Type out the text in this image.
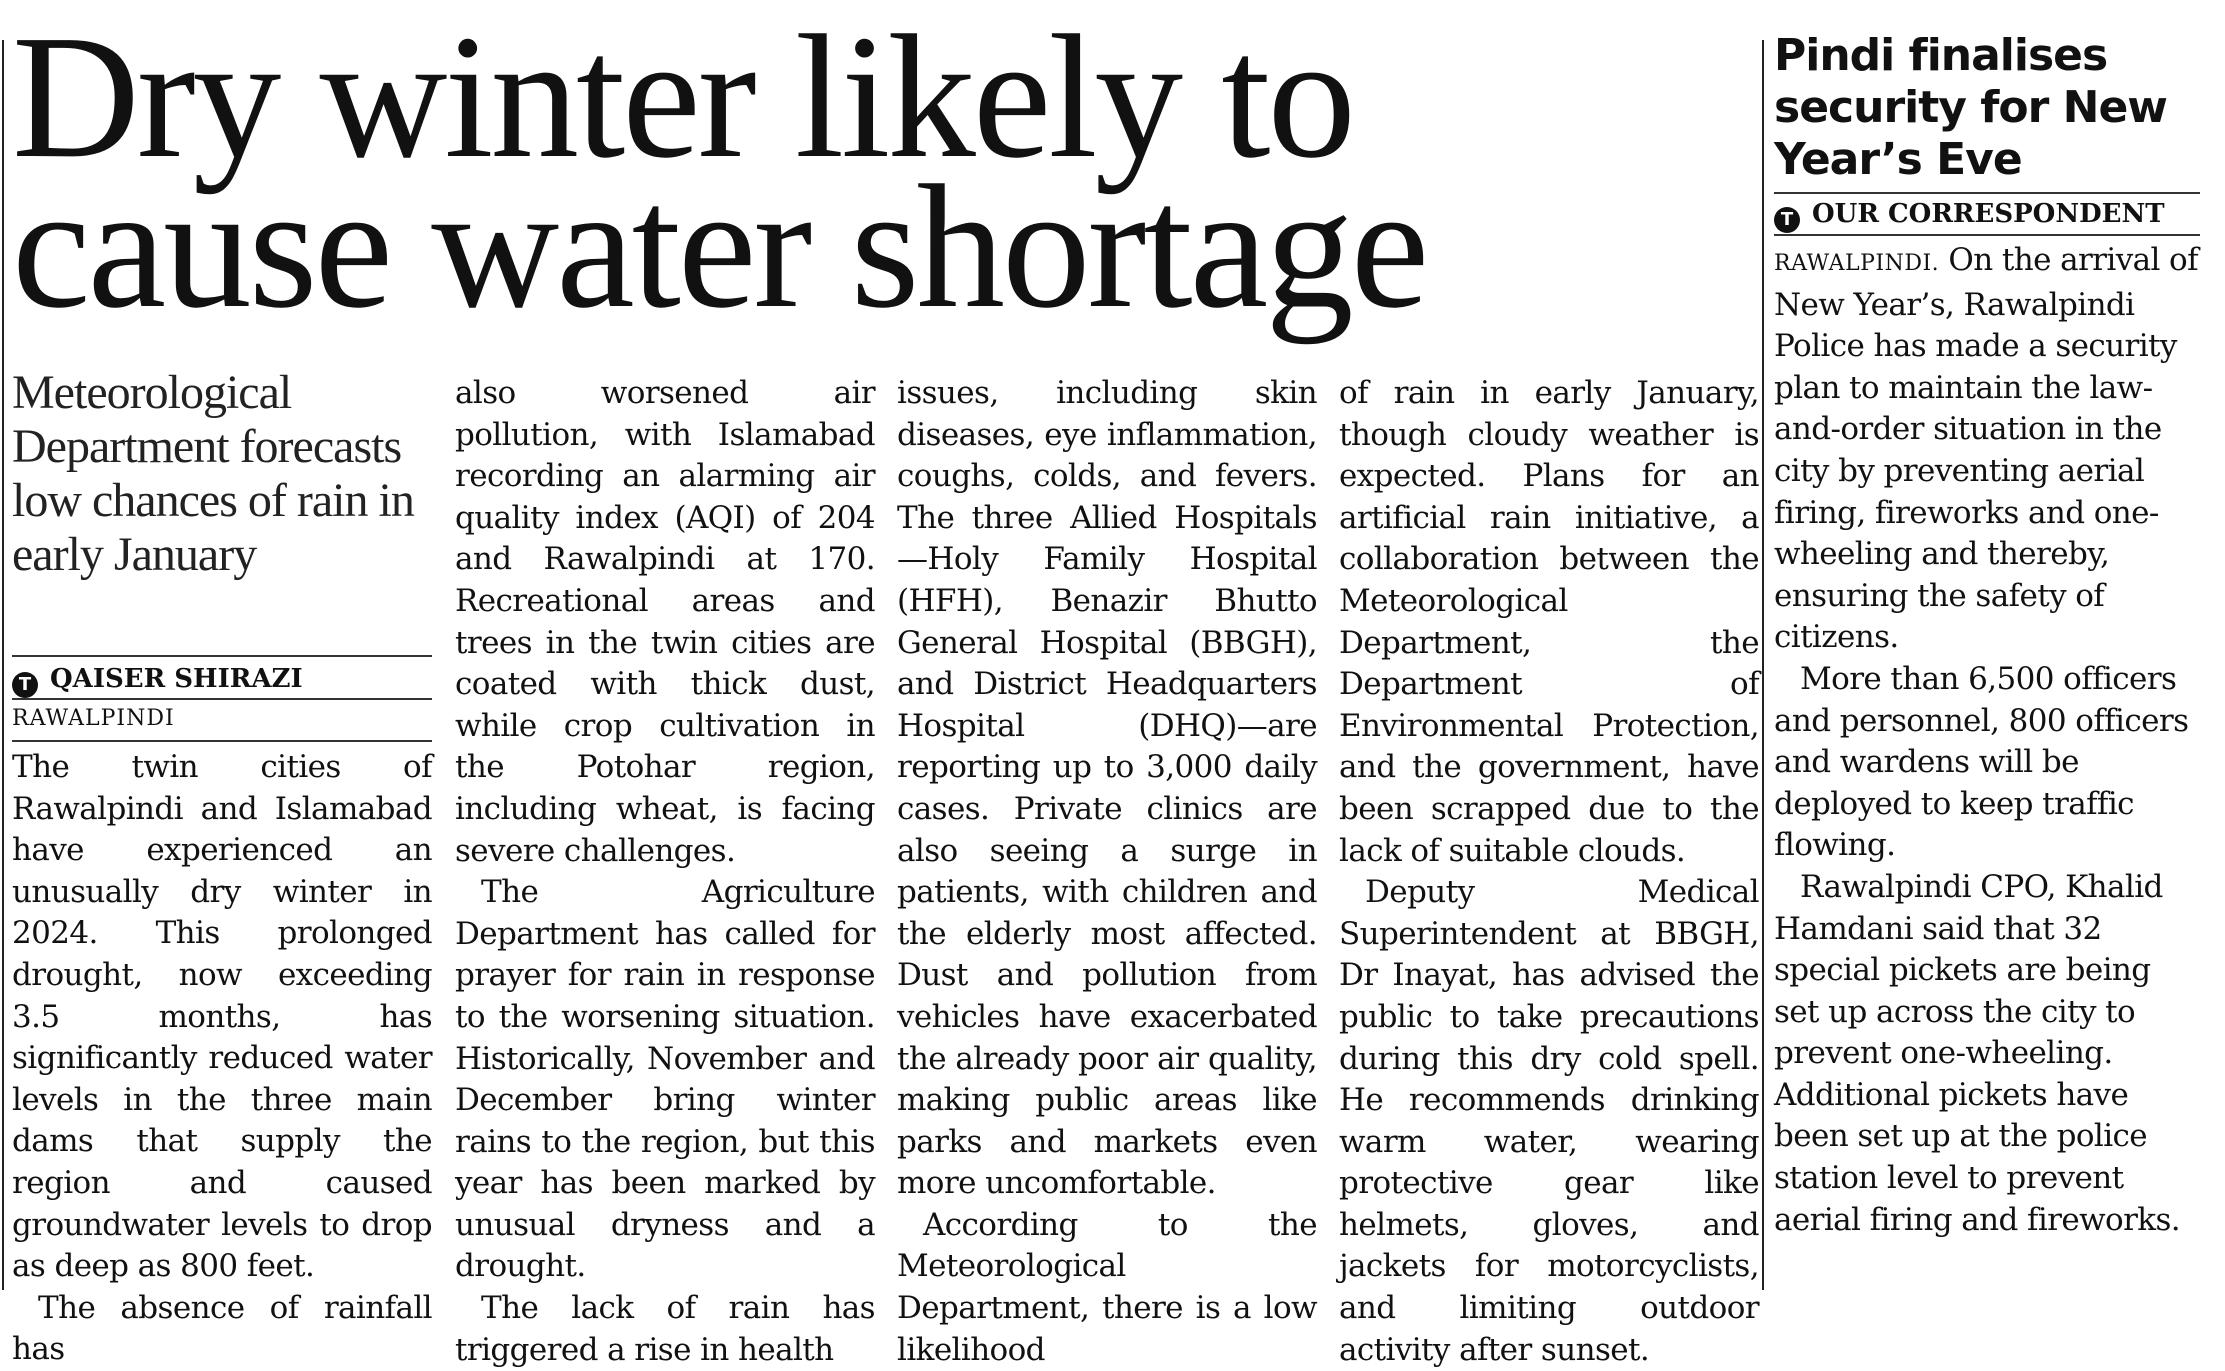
Dry winter likely to cause water shortage
Meteorological Department forecasts low chances of rain in early January
T QAISER SHIRAZI
RAWALPINDI

The twin cities of Rawalpindi and Islamabad have experienced an unusually dry winter in 2024. This prolonged drought, now exceeding 3.5 months, has significantly reduced water levels in the three main dams that supply the region and caused groundwater levels to drop as deep as 800 feet.

The absence of rainfall has

also worsened air pollution, with Islamabad recording an alarming air quality index (AQI) of 204 and Rawalpindi at 170. Recreational areas and trees in the twin cities are coated with thick dust, while crop cultivation in the Potohar region, including wheat, is facing severe challenges.

The Agriculture Department has called for prayer for rain in response to the worsening situation. Historically, November and December bring winter rains to the region, but this year has been marked by unusual dryness and a drought.

The lack of rain has triggered a rise in health

issues, including skin diseases, eye inflammation, coughs, colds, and fevers. The three Allied Hospitals—Holy Family Hospital (HFH), Benazir Bhutto General Hospital (BBGH), and District Headquarters Hospital (DHQ)—are reporting up to 3,000 daily cases. Private clinics are also seeing a surge in patients, with children and the elderly most affected. Dust and pollution from vehicles have exacerbated the already poor air quality, making public areas like parks and markets even more uncomfortable.

According to the Meteorological Department, there is a low likelihood

of rain in early January, though cloudy weather is expected. Plans for an artificial rain initiative, a collaboration between the Meteorological Department, the Department of Environmental Protection, and the government, have been scrapped due to the lack of suitable clouds.

Deputy Medical Superintendent at BBGH, Dr Inayat, has advised the public to take precautions during this dry cold spell. He recommends drinking warm water, wearing protective gear like helmets, gloves, and jackets for motorcyclists, and limiting outdoor activity after sunset.

Pindi finalises security for New Year’s Eve
T OUR CORRESPONDENT

RAWALPINDI. On the arrival of New Year’s, Rawalpindi Police has made a security plan to maintain the law-and-order situation in the city by preventing aerial firing, fireworks and one-wheeling and thereby, ensuring the safety of citizens.

More than 6,500 officers and personnel, 800 officers and wardens will be deployed to keep traffic flowing.

Rawalpindi CPO, Khalid Hamdani said that 32 special pickets are being set up across the city to prevent one-wheeling. Additional pickets have been set up at the police station level to prevent aerial firing and fireworks.
